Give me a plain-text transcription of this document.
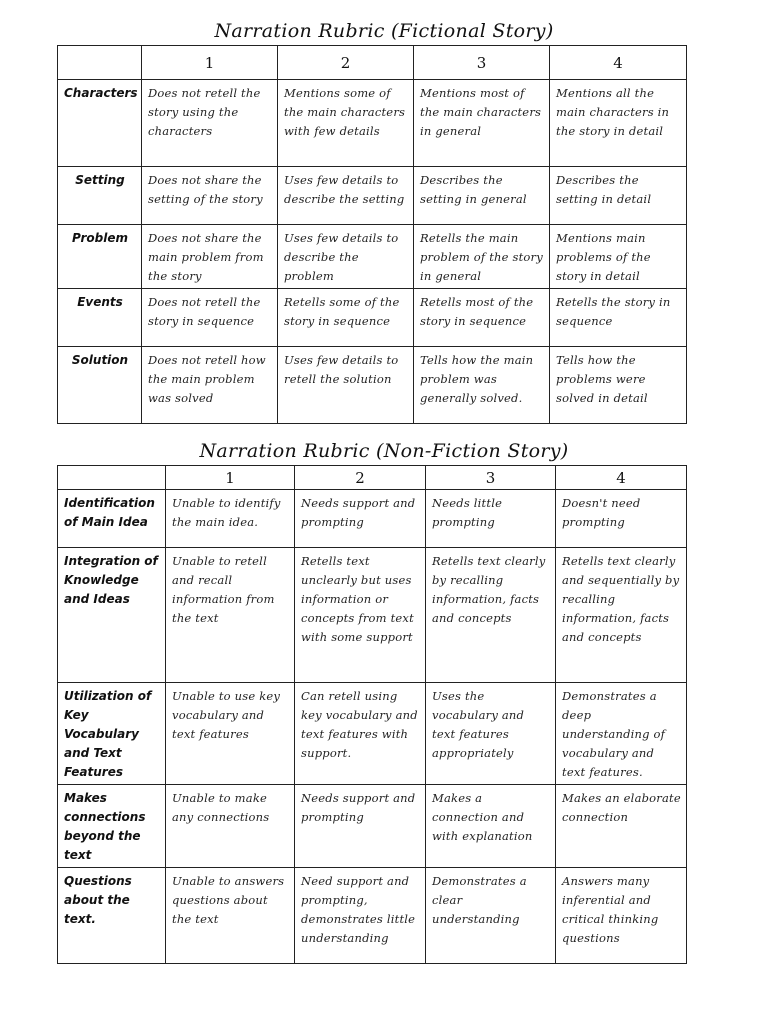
Narration Rubric (Fictional Story)
	1	2	3	4
Characters	Does not retell the story using the characters	Mentions some of the main characters with few details	Mentions most of the main characters in general	Mentions all the main characters in the story in detail
Setting	Does not share the setting of the story	Uses few details to describe the setting	Describes the setting in general	Describes the setting in detail
Problem	Does not share the main problem from the story	Uses few details to describe the problem	Retells the main problem of the story in general	Mentions main problems of the story in detail
Events	Does not retell the story in sequence	Retells some of the story in sequence	Retells most of the story in sequence	Retells the story in sequence
Solution	Does not retell how the main problem was solved	Uses few details to retell the solution	Tells how the main problem was generally solved.	Tells how the problems were solved in detail
Narration Rubric (Non-Fiction Story)
	1	2	3	4
Identification of Main Idea	Unable to identify the main idea.	Needs support and prompting	Needs little prompting	Doesn't need prompting
Integration of Knowledge and Ideas	Unable to retell and recall information from the text	Retells text unclearly but uses information or concepts from text with some support	Retells text clearly by recalling information, facts and concepts	Retells text clearly and sequentially by recalling information, facts and concepts
Utilization of Key Vocabulary and Text Features	Unable to use key vocabulary and text features	Can retell using key vocabulary and text features with support.	Uses the vocabulary and text features appropriately	Demonstrates a deep understanding of vocabulary and text features.
Makes connections beyond the text	Unable to make any connections	Needs support and prompting	Makes a connection and with explanation	Makes an elaborate connection
Questions about the text.	Unable to answers questions about the text	Need support and prompting, demonstrates little understanding	Demonstrates a clear understanding	Answers many inferential and critical thinking questions
